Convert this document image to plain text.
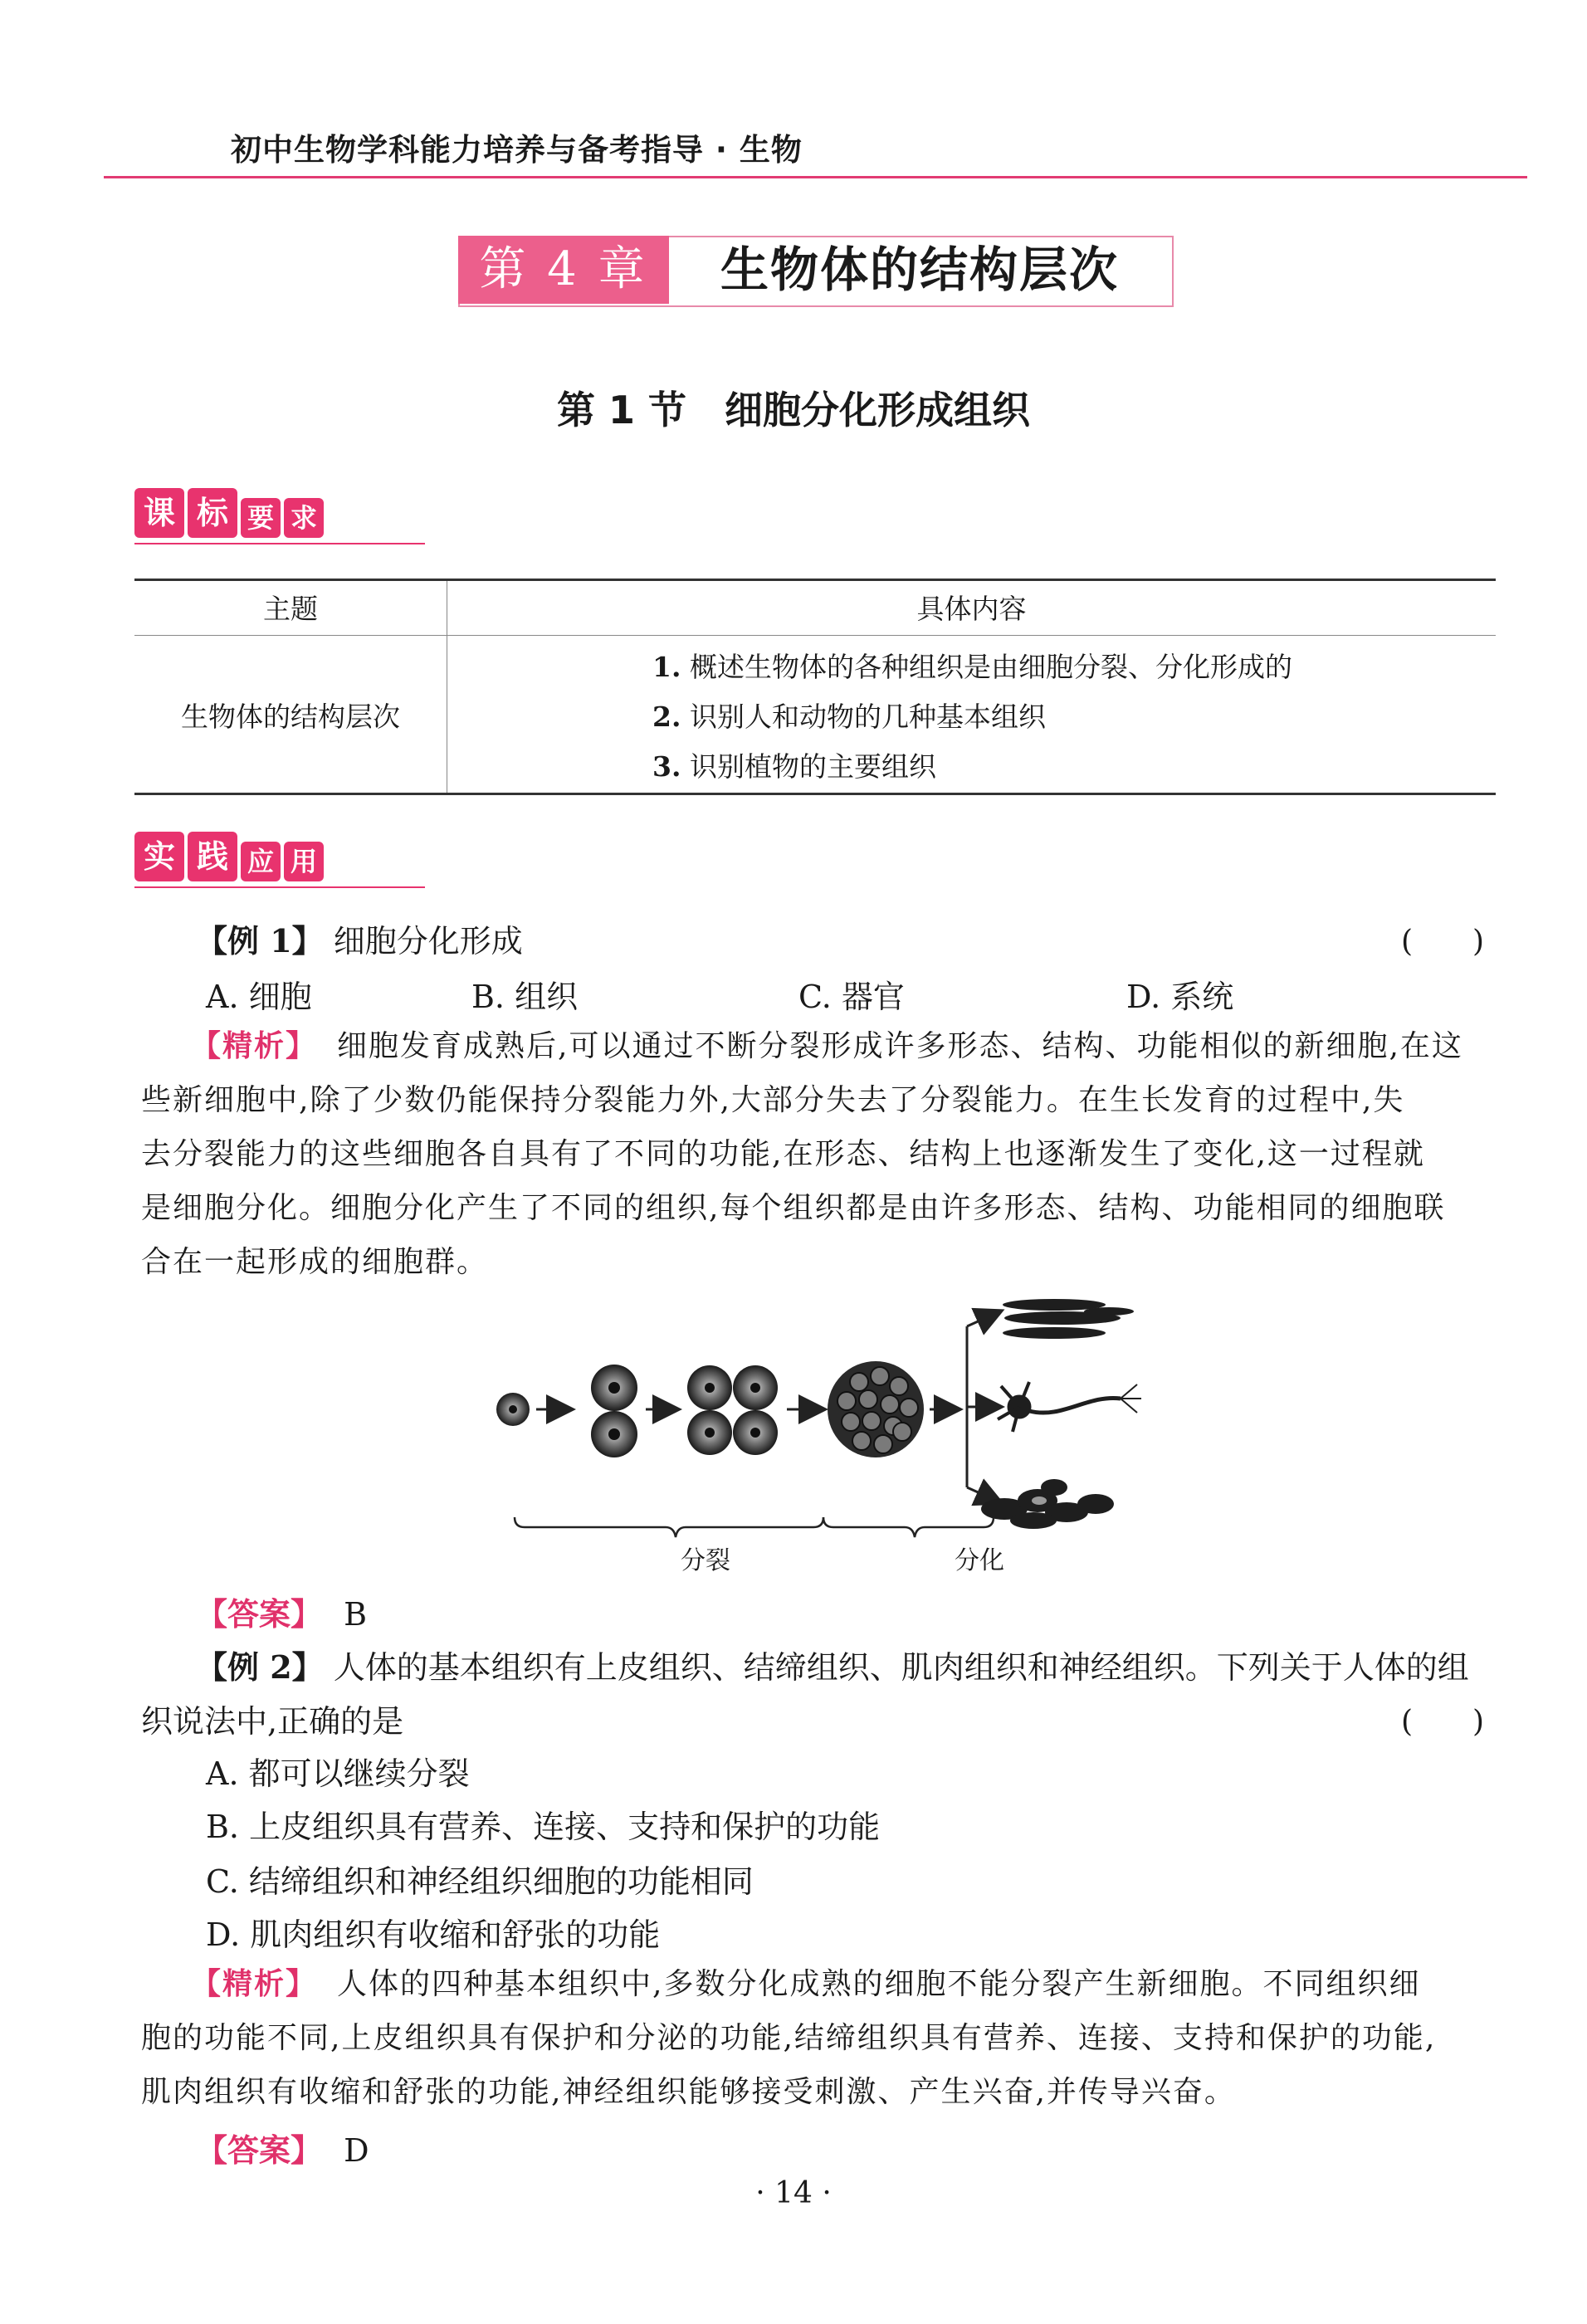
初中生物学科能力培养与备考指导 · 生物
第 4 章	生物体的结构层次
第 1 节　细胞分化形成组织
课 标 要 求
主题	具体内容
生物体的结构层次
1. 概述生物体的各种组织是由细胞分裂、分化形成的
2. 识别人和动物的几种基本组织
3. 识别植物的主要组织
实 践 应 用
【例 1】 细胞分化形成	(　　)
A. 细胞	B. 组织	C. 器官	D. 系统
【精析】 细胞发育成熟后,可以通过不断分裂形成许多形态、结构、功能相似的新细胞,在这
些新细胞中,除了少数仍能保持分裂能力外,大部分失去了分裂能力。在生长发育的过程中,失
去分裂能力的这些细胞各自具有了不同的功能,在形态、结构上也逐渐发生了变化,这一过程就
是细胞分化。细胞分化产生了不同的组织,每个组织都是由许多形态、结构、功能相同的细胞联
合在一起形成的细胞群。
分裂	分化
【答案】 B
【例 2】 人体的基本组织有上皮组织、结缔组织、肌肉组织和神经组织。下列关于人体的组
织说法中,正确的是	(　　)
A. 都可以继续分裂
B. 上皮组织具有营养、连接、支持和保护的功能
C. 结缔组织和神经组织细胞的功能相同
D. 肌肉组织有收缩和舒张的功能
【精析】 人体的四种基本组织中,多数分化成熟的细胞不能分裂产生新细胞。不同组织细
胞的功能不同,上皮组织具有保护和分泌的功能,结缔组织具有营养、连接、支持和保护的功能,
肌肉组织有收缩和舒张的功能,神经组织能够接受刺激、产生兴奋,并传导兴奋。
【答案】 D
· 14 ·
